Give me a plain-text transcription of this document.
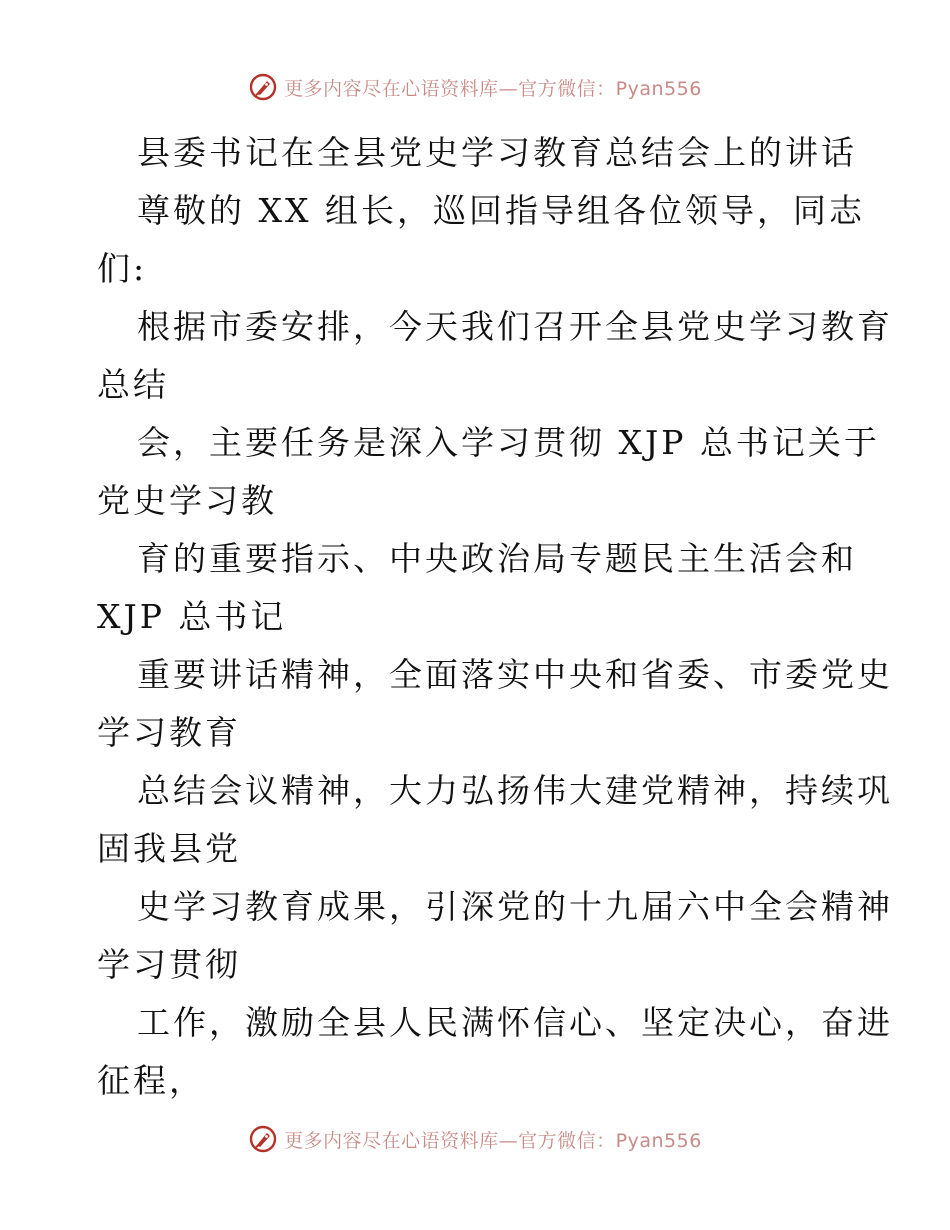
更多内容尽在心语资料库—官方微信：Pyan556
县委书记在全县党史学习教育总结会上的讲话
尊敬的 XX 组长，巡回指导组各位领导，同志
们:
根据市委安排，今天我们召开全县党史学习教育
总结
会，主要任务是深入学习贯彻 XJP 总书记关于
党史学习教
育的重要指示、中央政治局专题民主生活会和
XJP 总书记
重要讲话精神，全面落实中央和省委、市委党史
学习教育
总结会议精神，大力弘扬伟大建党精神，持续巩
固我县党
史学习教育成果，引深党的十九届六中全会精神
学习贯彻
工作，激励全县人民满怀信心、坚定决心，奋进
征程，
更多内容尽在心语资料库—官方微信：Pyan556
